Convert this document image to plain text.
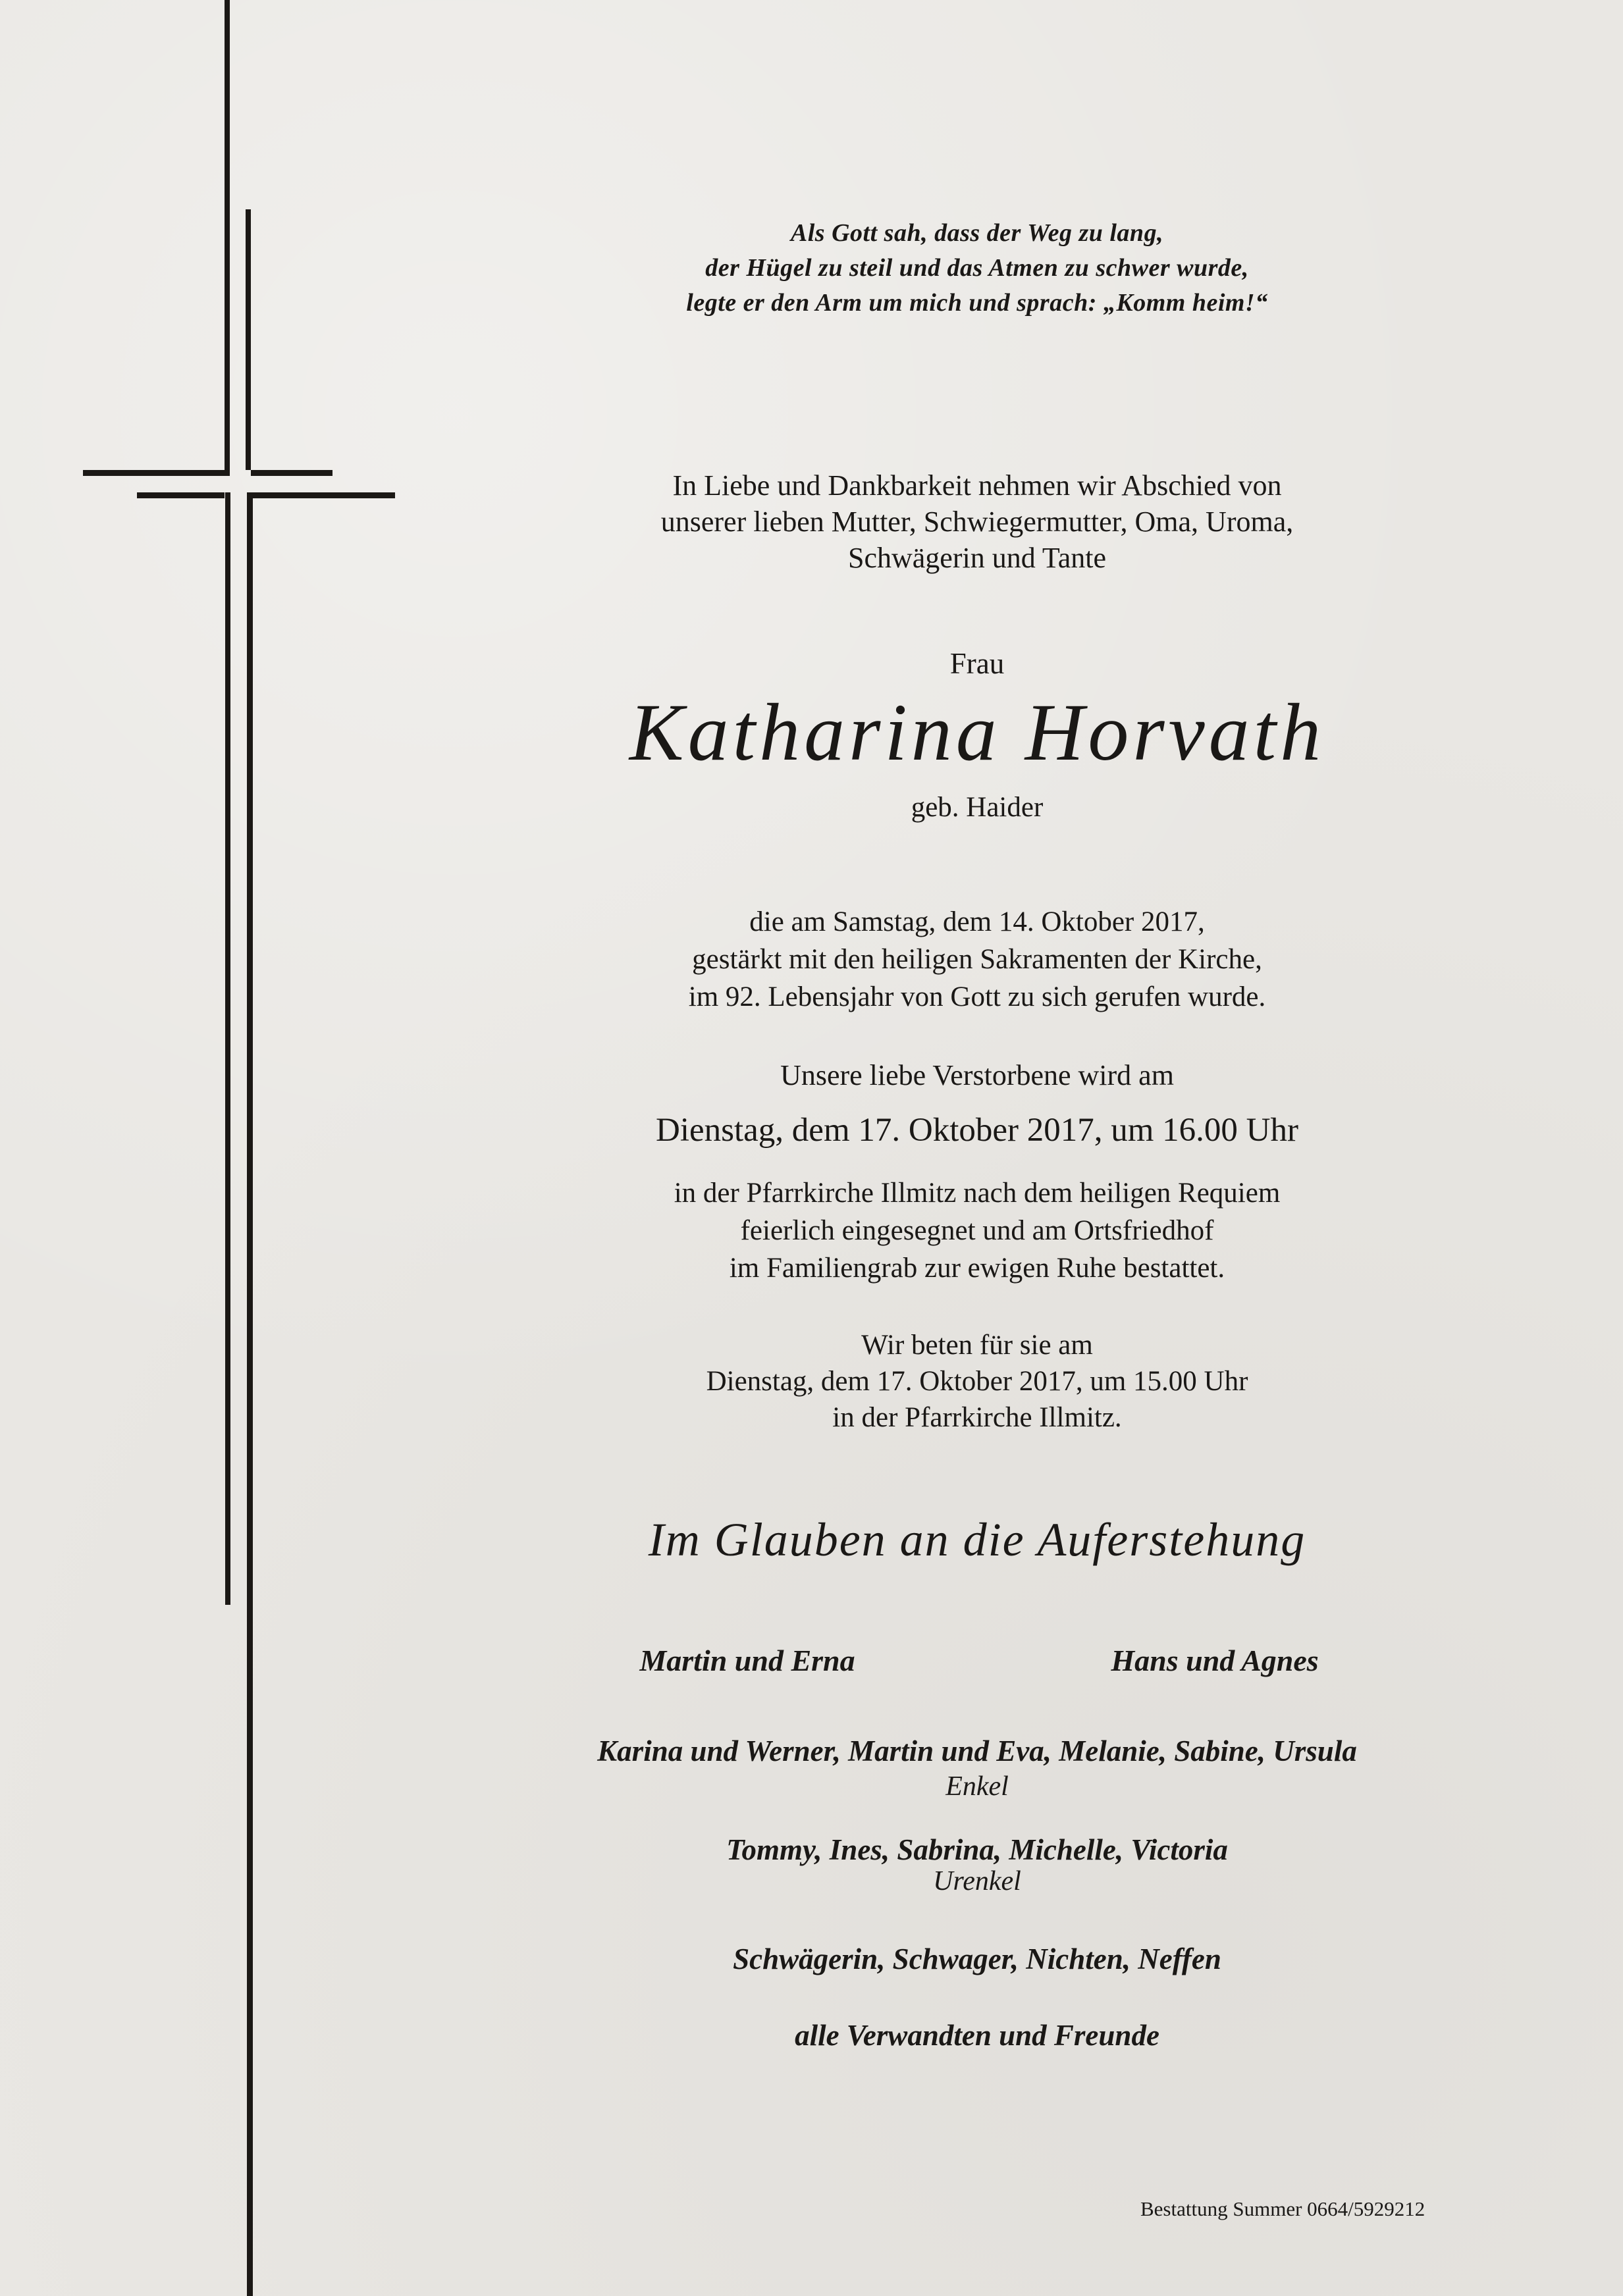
Als Gott sah, dass der Weg zu lang,
der Hügel zu steil und das Atmen zu schwer wurde,
legte er den Arm um mich und sprach: „Komm heim!“
In Liebe und Dankbarkeit nehmen wir Abschied von
unserer lieben Mutter, Schwiegermutter, Oma, Uroma,
Schwägerin und Tante
Frau
Katharina Horvath
geb. Haider
die am Samstag, dem 14. Oktober 2017,
gestärkt mit den heiligen Sakramenten der Kirche,
im 92. Lebensjahr von Gott zu sich gerufen wurde.
Unsere liebe Verstorbene wird am
Dienstag, dem 17. Oktober 2017, um 16.00 Uhr
in der Pfarrkirche Illmitz nach dem heiligen Requiem
feierlich eingesegnet und am Ortsfriedhof
im Familiengrab zur ewigen Ruhe bestattet.
Wir beten für sie am
Dienstag, dem 17. Oktober 2017, um 15.00 Uhr
in der Pfarrkirche Illmitz.
Im Glauben an die Auferstehung
Martin und Erna	Hans und Agnes
Karina und Werner, Martin und Eva, Melanie, Sabine, Ursula
Enkel
Tommy, Ines, Sabrina, Michelle, Victoria
Urenkel
Schwägerin, Schwager, Nichten, Neffen
alle Verwandten und Freunde
Bestattung Summer 0664/5929212
